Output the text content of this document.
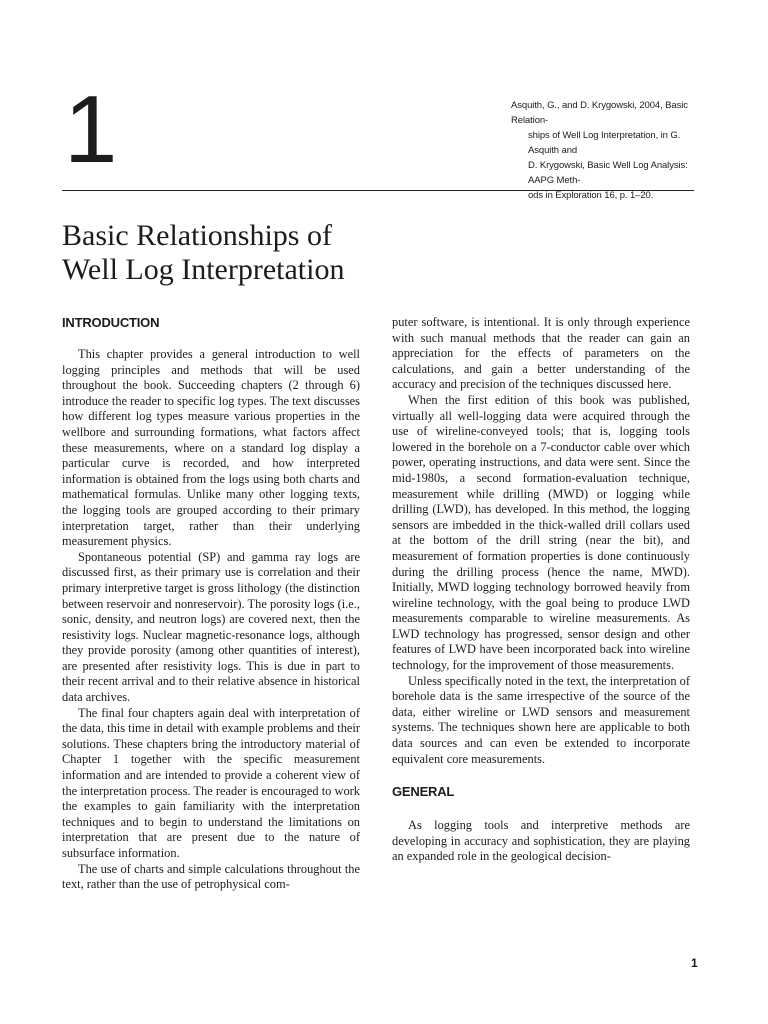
1	Asquith, G., and D. Krygowski, 2004, Basic Relation-
ships of Well Log Interpretation, in G. Asquith and
D. Krygowski, Basic Well Log Analysis: AAPG Meth-
ods in Exploration 16, p. 1–20.
Basic Relationships of
Well Log Interpretation
INTRODUCTION

This chapter provides a general introduction to well logging principles and methods that will be used throughout the book. Succeeding chapters (2 through 6) introduce the reader to specific log types. The text discusses how different log types measure various properties in the wellbore and surrounding formations, what factors affect these measurements, where on a standard log display a particular curve is recorded, and how interpreted information is obtained from the logs using both charts and mathematical formulas. Unlike many other logging texts, the logging tools are grouped according to their primary interpretation target, rather than their underlying measurement physics.

Spontaneous potential (SP) and gamma ray logs are discussed first, as their primary use is correlation and their primary interpretive target is gross lithology (the distinction between reservoir and nonreservoir). The porosity logs (i.e., sonic, density, and neutron logs) are covered next, then the resistivity logs. Nuclear magnetic-resonance logs, although they provide porosity (among other quantities of interest), are presented after resistivity logs. This is due in part to their recent arrival and to their relative absence in historical data archives.

The final four chapters again deal with interpretation of the data, this time in detail with example problems and their solutions. These chapters bring the introductory material of Chapter 1 together with the specific measurement information and are intended to provide a coherent view of the interpretation process. The reader is encouraged to work the examples to gain familiarity with the interpretation techniques and to begin to understand the limitations on interpretation that are present due to the nature of subsurface information.

The use of charts and simple calculations throughout the text, rather than the use of petrophysical com-

puter software, is intentional. It is only through experience with such manual methods that the reader can gain an appreciation for the effects of parameters on the calculations, and gain a better understanding of the accuracy and precision of the techniques discussed here.

When the first edition of this book was published, virtually all well-logging data were acquired through the use of wireline-conveyed tools; that is, logging tools lowered in the borehole on a 7-conductor cable over which power, operating instructions, and data were sent. Since the mid-1980s, a second formation-evaluation technique, measurement while drilling (MWD) or logging while drilling (LWD), has developed. In this method, the logging sensors are imbedded in the thick-walled drill collars used at the bottom of the drill string (near the bit), and measurement of formation properties is done continuously during the drilling process (hence the name, MWD). Initially, MWD logging technology borrowed heavily from wireline technology, with the goal being to produce LWD measurements comparable to wireline measurements. As LWD technology has progressed, sensor design and other features of LWD have been incorporated back into wireline technology, for the improvement of those measurements.

Unless specifically noted in the text, the interpretation of borehole data is the same irrespective of the source of the data, either wireline or LWD sensors and measurement systems. The techniques shown here are applicable to both data sources and can even be extended to incorporate equivalent core measurements.

GENERAL

As logging tools and interpretive methods are developing in accuracy and sophistication, they are playing an expanded role in the geological decision-

1
